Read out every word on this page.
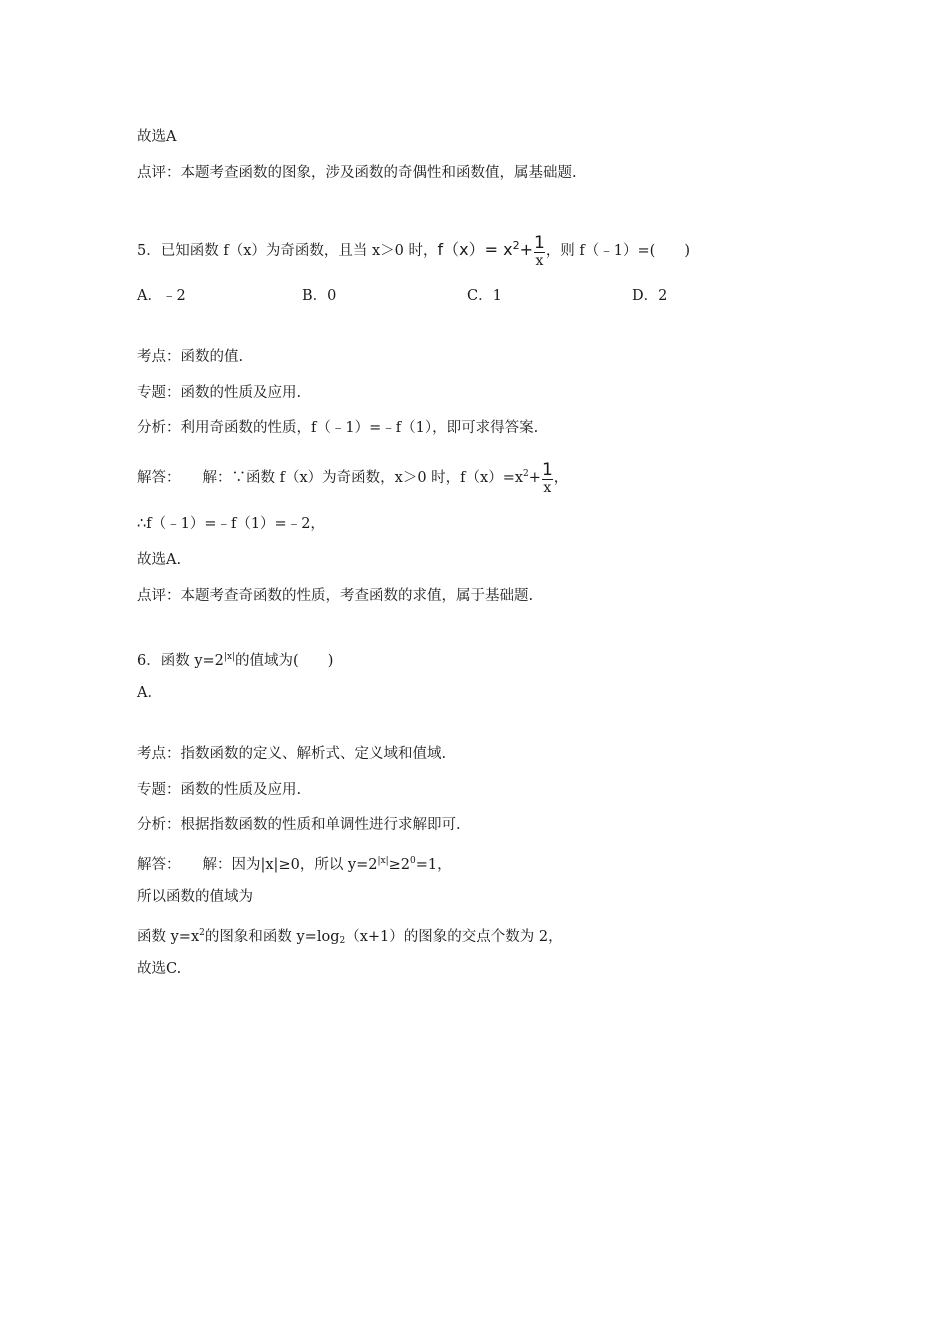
故选A
点评：本题考查函数的图象，涉及函数的奇偶性和函数值，属基础题.
5．已知函数 f（x）为奇函数，且当 x＞0 时，$f(x)= x^2+ \frac{1}{x}$ ，则 f（﹣1）=(　　)
A．﹣2	B．0	C．1	D．2
考点：函数的值.
专题：函数的性质及应用.
分析：利用奇函数的性质，f（﹣1）=﹣f（1），即可求得答案.
解答： 解：∵函数 f（x）为奇函数，x＞0 时，$f(x)=x^2+ \frac{1}{x}$ ，
∴f（﹣1）=﹣f（1）=﹣2，
故选A.
点评：本题考查奇函数的性质，考查函数的求值，属于基础题.
6．函数 $y=2^{|x|}$的值域为(　　)
A．
考点：指数函数的定义、解析式、定义域和值域.
专题：函数的性质及应用.
分析：根据指数函数的性质和单调性进行求解即可.
解答： 解：因为|x|≥0，所以 $y=2^{|x|}\ge 2^0=1$，
所以函数的值域为
函数 $y=x^2$的图象和函数 $y=\log_2(x+1)$的图象的交点个数为 2，
故选C.
